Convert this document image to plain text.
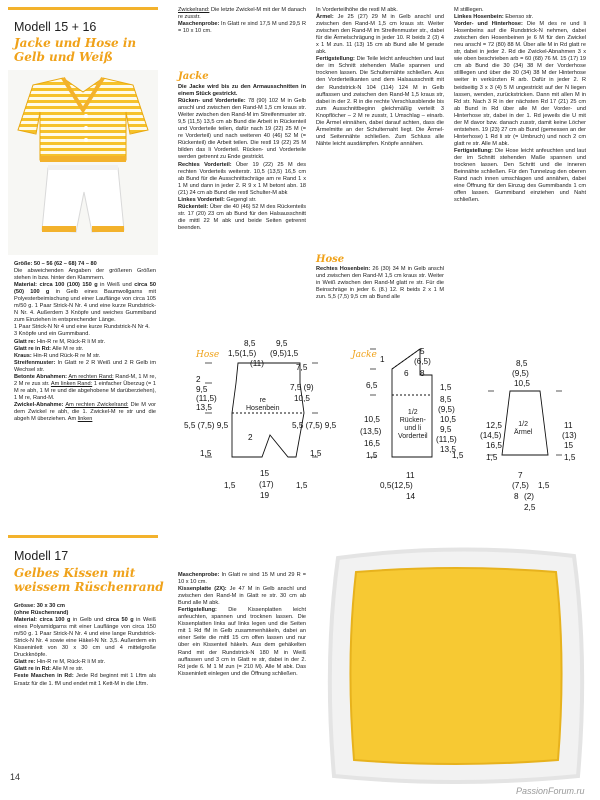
Modell 15 + 16
Jacke und Hose in
Gelb und Weiß

Größe: 50 – 56 (62 – 68) 74 – 80

Die abweichenden Angaben der größeren Größen stehen in bzw. hinter den Klammern.

Material: circa 100 (100) 150 g in Weiß und circa 50 (50) 100 g in Gelb eines Baumwollgarns mit Polyesterbeimischung und einer Lauflänge von circa 105 m/50 g. 1 Paar Strick-N Nr. 4 und eine kurze Rundstrick-N Nr. 4. Außerdem 3 Knöpfe und weiches Gummiband zum Einziehen in entsprechender Länge.

1 Paar Strick-N Nr 4 und eine kurze Rundstrick-N Nr 4.

3 Knöpfe und ein Gummiband.

Glatt re: Hin-R re M, Rück-R li M str.

Glatt re in Rd: Alle M re str.

Kraus: Hin-R und Rück-R re M str.

Streifenmuster: In Glatt re 2 R Weiß und 2 R Gelb im Wechsel str.

Betonte Abnahmen: Am rechten Rand: Rand-M, 1 M re, 2 M re zus str. Am linken Rand: 1 einfacher Überzug (= 1 M re abh, 1 M re und die abgehobene M darüberziehen), 1 M re, Rand-M.

Zwickel-Abnahme: Am rechten Zwickelrand: Die M vor dem Zwickel re abh, die 1. Zwickel-M re str und die abgeh M überziehen. Am linken

Zwickelrand: Die letzte Zwickel-M mit der M danach re zusstr.

Maschenprobe: In Glatt re sind 17,5 M und 29,5 R = 10 x 10 cm.

Jacke

Die Jacke wird bis zu den Armausschnitten in einem Stück gestrickt.

Rücken- und Vorderteile: 78 (90) 102 M in Gelb anschl und zwischen den Rand-M 1,5 cm kraus str. Weiter zwischen den Rand-M im Streifenmuster str. 9,5 (11,5) 13,5 cm ab Bund die Arbeit in Rückenteil und Vorderteile teilen, dafür nach 19 (22) 25 M (= re Vorderteil) und nach weiteren 40 (46) 52 M (= Rückenteil) die Arbeit teilen. Die restl 19 (22) 25 M bilden das li Vorderteil. Rücken- und Vorderteile werden getrennt zu Ende gestrickt.

Rechtes Vorderteil: Über 19 (22) 25 M des rechten Vorderteils weiterstr. 10,5 (13,5) 16,5 cm ab Bund für die Ausschnittschräge am re Rand 1 x 1 M und dann in jeder 2. R 9 x 1 M betont abn. 18 (21) 24 cm ab Bund die restl Schulter-M abk

Linkes Vorderteil: Gegengl str.

Rückenteil: Über die 40 (46) 52 M des Rückenteils str. 17 (20) 23 cm ab Bund für den Halsausschnitt die mittl 22 M abk und beide Seiten getrennt beenden.

In Vorderteilhöhe die restl M abk.

Ärmel: Je 25 (27) 29 M in Gelb anschl und zwischen den Rand-M 1,5 cm kraus str. Weiter zwischen den Rand-M im Streifenmuster str., dabei für die Ärmelschrägung in jeder 10. R beids 2 (3) 4 x 1 M zun. 11 (13) 15 cm ab Bund alle M gerade abk.

Fertigstellung: Die Teile leicht anfeuchten und laut der im Schnitt stehenden Maße spannen und trocknen lassen. Die Schulternähte schließen. Aus den Vorderteilkanten und dem Halsausschnitt mit der Rundstrick-N 104 (114) 124 M in Gelb auffassen und zwischen den Rand-M 1,5 kraus str, dabei in der 2. R in die rechte Verschlussblende bis zum Ausschnittbeginn gleichmäßig verteilt 3 Knopflöcher – 2 M re zusstr, 1 Umschlag – einarb. Die Ärmel einnähen, dabei darauf achten, dass die Ärmelmitte an der Schulternaht liegt. Die Ärmel- und Seitennähte schließen. Zum Schluss alle Nähte leicht ausdämpfen. Knöpfe annähen.

Hose

Rechtes Hosenbein: 26 (30) 34 M in Gelb anschl und zwischen den Rand-M 1,5 cm kraus str. Weiter in Weiß zwischen den Rand-M glatt re str. Für die Beinschräge in jeder 6. (8.) 12. R beids 2 x 1 M zun. 5,5 (7,5) 9,5 cm ab Bund alle

M stilllegen.

Linkes Hosenbein: Ebenso str.

Vorder- und Hinterhose: Die M des re und li Hosenbeins auf die Rundstrick-N nehmen, dabei zwischen den Hosenbeinen je 6 M für den Zwickel neu anschl = 72 (80) 88 M. Über alle M in Rd glatt re str, dabei in jeder 2. Rd die Zwickel-Abnahmen 3 x wie oben beschrieben arb = 60 (68) 76 M. 15 (17) 19 cm ab Bund die 30 (34) 38 M der Vorderhose stilllegen und über die 30 (34) 38 M der Hinterhose weiter in verkürzten R arb. Dafür in jeder 2. R beidseitig 3 x 3 (4) 5 M ungestrickt auf der N liegen lassen, wenden, zurückstricken. Dann mit allen M in Rd str. Nach 3 R in der nächsten Rd 17 (21) 25 cm ab Bund in Rd über alle M der Vorder- und Hinterhose str, dabei in der 1. Rd jeweils die U mit der M davor bzw. danach zusstr, damit keine Löcher entstehen. 19 (23) 27 cm ab Bund (gemessen an der Hinterhose) 1 Rd li str (= Umbruch) und noch 2 cm glatt re str. Alle M abk.

Fertigstellung: Die Hose leicht anfeuchten und laut der im Schnitt stehenden Maße spannen und trocknen lassen. Den Schritt und die inneren Beinnähte schließen. Für den Tunnelzug den oberen Rand nach innen umschlagen und annähen, dabei eine Öffnung für den Einzug des Gummibands 1 cm offen lassen. Gummiband einziehen und Naht schließen.

Hose	Jacke
8,5
1,5(1,5) (9,5)1,5
9,5
(11)	7,5
2
9,5
(11,5)
13,5
7,5 (9)
10,5
5,5 (7,5) 9,5	5,5 (7,5) 9,5
1,5	1,5
1,5	1,5
15
(17)
19
2
re
Hosenbein
5
(6,5)
6 8
1
6,5	1,5
8,5
(9,5)
10,5
9,5
(11,5)
13,5
10,5
(13,5)
16,5
1,5
1,5
11
0,5(12,5)
14
1/2
Rücken-
und li
Vorderteil
8,5
(9,5)
10,5
12,5
(14,5)
16,5
11
(13)
15
1,5	1,5
7
(7,5) 1,5
8 (2)
2,5
1/2
Ärmel
Modell 17
Gelbes Kissen mit
weissem Rüschenrand

Grösse: 30 x 30 cm

(ohne Rüschenrand)

Material: circa 100 g in Gelb und circa 50 g in Weiß eines Polyamidgarns mit einer Lauflänge von circa 150 m/50 g. 1 Paar Strick-N Nr. 4 und eine lange Rundstrick-Strick-N Nr. 4 sowie eine Häkel-N Nr. 3,5. Außerdem ein Kisseninlett von 30 x 30 cm und 4 mittelgroße Druckknöpfe.

Glatt re: Hin-R re M, Rück-R li M str.

Glatt re in Rd: Alle M re str.

Feste Maschen in Rd: Jede Rd beginnt mit 1 Lftm als Ersatz für die 1. fM und endet mit 1 Kett-M in die Lftm.

Maschenprobe: In Glatt re sind 15 M und 29 R = 10 x 10 cm.

Kissenplatte (2X): Je 47 M in Gelb anschl und zwischen den Rand-M in Glatt re str. 30 cm ab Bund alle M abk.

Fertigstellung: Die Kissenplatten leicht anfeuchten, spannen und trocknen lassen. Die Kissenplatten links auf links legen und die Seiten mit 1 Rd fM in Gelb zusammenhäkeln, dabei an einer Seite die mittl 15 cm offen lassen und nur über ein Kissenteil häkeln. Aus dem gehäkelten Rand mit der Rundstrick-N 180 M in Weiß auffassen und 3 cm in Glatt re str, dabei in der 2. Rd jede 6. M 1 M zun (= 210 M). Alle M abk. Das Kisseninlett einlegen und die Öffnung schließen.

14
PassionForum.ru
